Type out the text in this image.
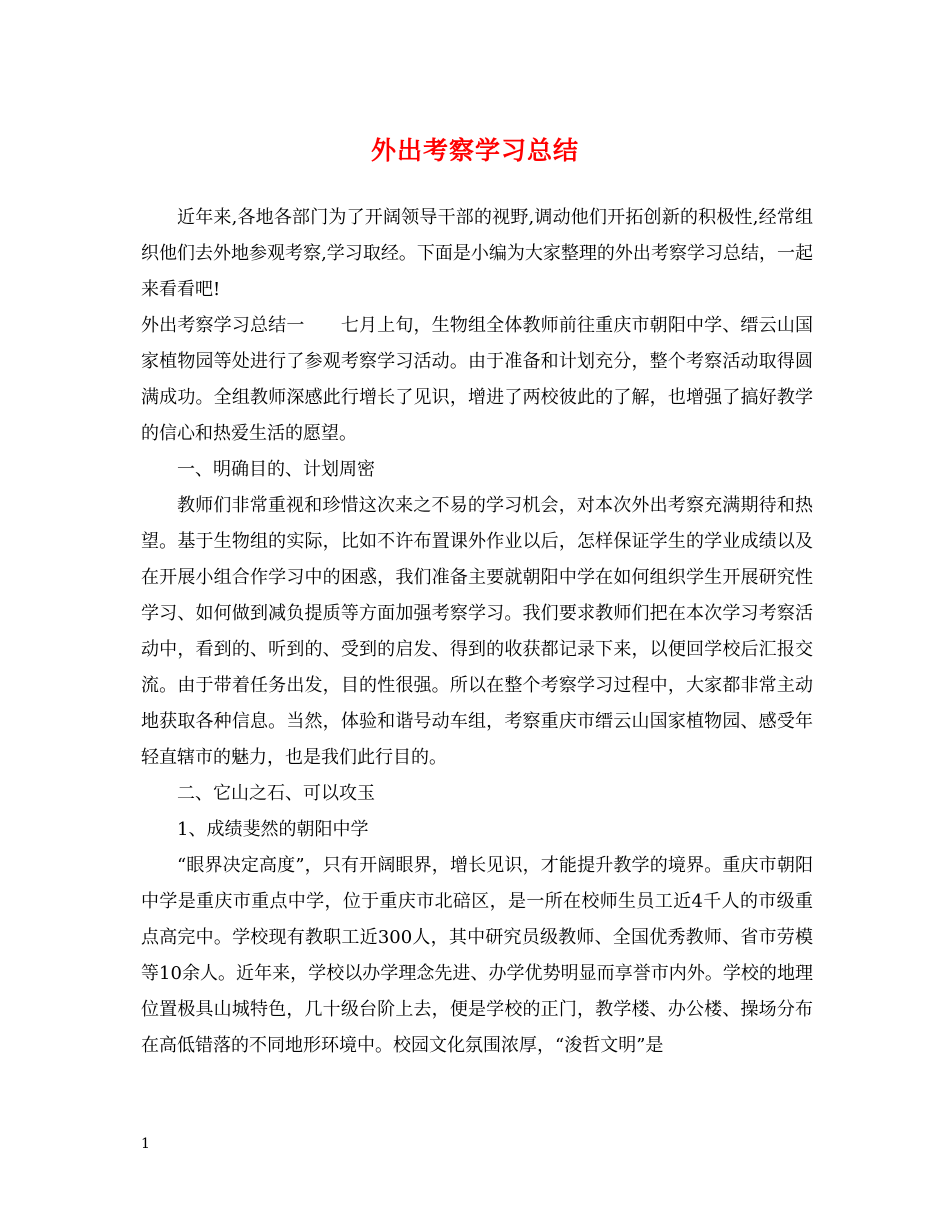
外出考察学习总结

近年来,各地各部门为了开阔领导干部的视野,调动他们开拓创新的积极性,经常组织他们去外地参观考察,学习取经。下面是小编为大家整理的外出考察学习总结，一起来看看吧!

外出考察学习总结一　　七月上旬，生物组全体教师前往重庆市朝阳中学、缙云山国家植物园等处进行了参观考察学习活动。由于准备和计划充分，整个考察活动取得圆满成功。全组教师深感此行增长了见识，增进了两校彼此的了解，也增强了搞好教学的信心和热爱生活的愿望。

一、明确目的、计划周密

教师们非常重视和珍惜这次来之不易的学习机会，对本次外出考察充满期待和热望。基于生物组的实际，比如不许布置课外作业以后，怎样保证学生的学业成绩以及在开展小组合作学习中的困惑，我们准备主要就朝阳中学在如何组织学生开展研究性学习、如何做到减负提质等方面加强考察学习。我们要求教师们把在本次学习考察活动中，看到的、听到的、受到的启发、得到的收获都记录下来，以便回学校后汇报交流。由于带着任务出发，目的性很强。所以在整个考察学习过程中，大家都非常主动地获取各种信息。当然，体验和谐号动车组，考察重庆市缙云山国家植物园、感受年轻直辖市的魅力，也是我们此行目的。

二、它山之石、可以攻玉

1、成绩斐然的朝阳中学

“眼界决定高度”，只有开阔眼界，增长见识，才能提升教学的境界。重庆市朝阳中学是重庆市重点中学，位于重庆市北碚区，是一所在校师生员工近4千人的市级重点高完中。学校现有教职工近300人，其中研究员级教师、全国优秀教师、省市劳模等10余人。近年来，学校以办学理念先进、办学优势明显而享誉市内外。学校的地理位置极具山城特色，几十级台阶上去，便是学校的正门，教学楼、办公楼、操场分布在高低错落的不同地形环境中。校园文化氛围浓厚，“浚哲文明”是

1
